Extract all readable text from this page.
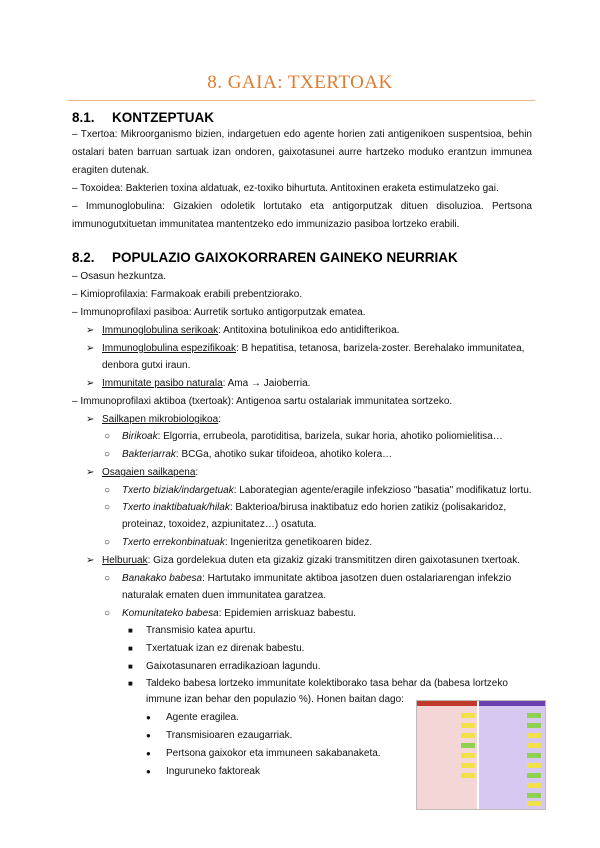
8. GAIA: TXERTOAK
8.1. KONTZEPTUAK
– Txertoa: Mikroorganismo bizien, indargetuen edo agente horien zati antigenikoen suspentsioa, behin ostalari baten barruan sartuak izan ondoren, gaixotasunei aurre hartzeko moduko erantzun immunea eragiten dutenak.
– Toxoidea: Bakterien toxina aldatuak, ez-toxiko bihurtuta. Antitoxinen eraketa estimulatzeko gai.
– Immunoglobulina: Gizakien odoletik lortutako eta antigorputzak dituen disoluzioa. Pertsona immunogutxituetan immunitatea mantentzeko edo immunizazio pasiboa lortzeko erabili.
8.2. POPULAZIO GAIXOKORRAREN GAINEKO NEURRIAK
– Osasun hezkuntza.
– Kimioprofilaxia: Farmakoak erabili prebentziorako.
– Immunoprofilaxi pasiboa: Aurretik sortuko antigorputzak ematea.
➢ Immunoglobulina serikoak: Antitoxina botulinikoa edo antidifterikoa.
➢ Immunoglobulina espezifikoak: B hepatitisa, tetanosa, barizela-zoster. Berehalako immunitatea,
denbora gutxi iraun.
➢ Immunitate pasibo naturala: Ama → Jaioberria.
– Immunoprofilaxi aktiboa (txertoak): Antigenoa sartu ostalariak immunitatea sortzeko.
➢ Sailkapen mikrobiologikoa:
○ Birikoak: Elgorria, errubeola, parotiditisa, barizela, sukar horia, ahotiko poliomielitisa…
○ Bakteriarrak: BCGa, ahotiko sukar tifoideoa, ahotiko kolera…
➢ Osagaien sailkapena:
○ Txerto biziak/indargetuak: Laborategian agente/eragile infekzioso "basatia" modifikatuz lortu.
○ Txerto inaktibatuak/hilak: Bakterioa/birusa inaktibatuz edo horien zatikiz (polisakaridoz,
proteinaz, toxoidez, azpiunitatez…) osatuta.
○ Txerto errekonbinatuak: Ingenieritza genetikoaren bidez.
➢ Helburuak: Giza gordelekua duten eta gizakiz gizaki transmititzen diren gaixotasunen txertoak.
○ Banakako babesa: Hartutako immunitate aktiboa jasotzen duen ostalariarengan infekzio
naturalak ematen duen immunitatea garatzea.
○ Komunitateko babesa: Epidemien arriskuaz babestu.
■ Transmisio katea apurtu.
■ Txertatuak izan ez direnak babestu.
■ Gaixotasunaren erradikazioan lagundu.
■ Taldeko babesa lortzeko immunitate kolektiborako tasa behar da (babesa lortzeko
immune izan behar den populazio %). Honen baitan dago:
● Agente eragilea.
● Transmisioaren ezaugarriak.
● Pertsona gaixokor eta immuneen sakabanaketa.
● Inguruneko faktoreak
